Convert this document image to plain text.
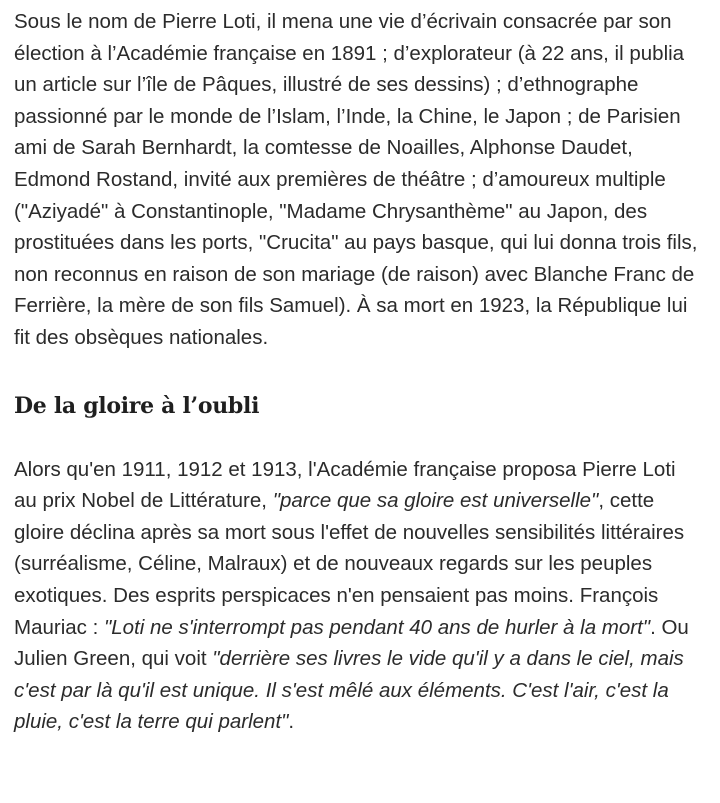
Sous le nom de Pierre Loti, il mena une vie d’écrivain consacrée par son élection à l’Académie française en 1891 ; d’explorateur (à 22 ans, il publia un article sur l’île de Pâques, illustré de ses dessins) ; d’ethnographe passionné par le monde de l’Islam, l’Inde, la Chine, le Japon ; de Parisien ami de Sarah Bernhardt, la comtesse de Noailles, Alphonse Daudet, Edmond Rostand, invité aux premières de théâtre ; d’amoureux multiple ("Aziyadé" à Constantinople, "Madame Chrysanthème" au Japon, des prostituées dans les ports, "Crucita" au pays basque, qui lui donna trois fils, non reconnus en raison de son mariage (de raison) avec Blanche Franc de Ferrière, la mère de son fils Samuel). À sa mort en 1923, la République lui fit des obsèques nationales.

De la gloire à l’oubli

Alors qu'en 1911, 1912 et 1913, l'Académie française proposa Pierre Loti au prix Nobel de Littérature, "parce que sa gloire est universelle", cette gloire déclina après sa mort sous l'effet de nouvelles sensibilités littéraires (surréalisme, Céline, Malraux) et de nouveaux regards sur les peuples exotiques. Des esprits perspicaces n'en pensaient pas moins. François Mauriac : "Loti ne s'interrompt pas pendant 40 ans de hurler à la mort". Ou Julien Green, qui voit "derrière ses livres le vide qu'il y a dans le ciel, mais c'est par là qu'il est unique. Il s'est mêlé aux éléments. C'est l'air, c'est la pluie, c'est la terre qui parlent".
